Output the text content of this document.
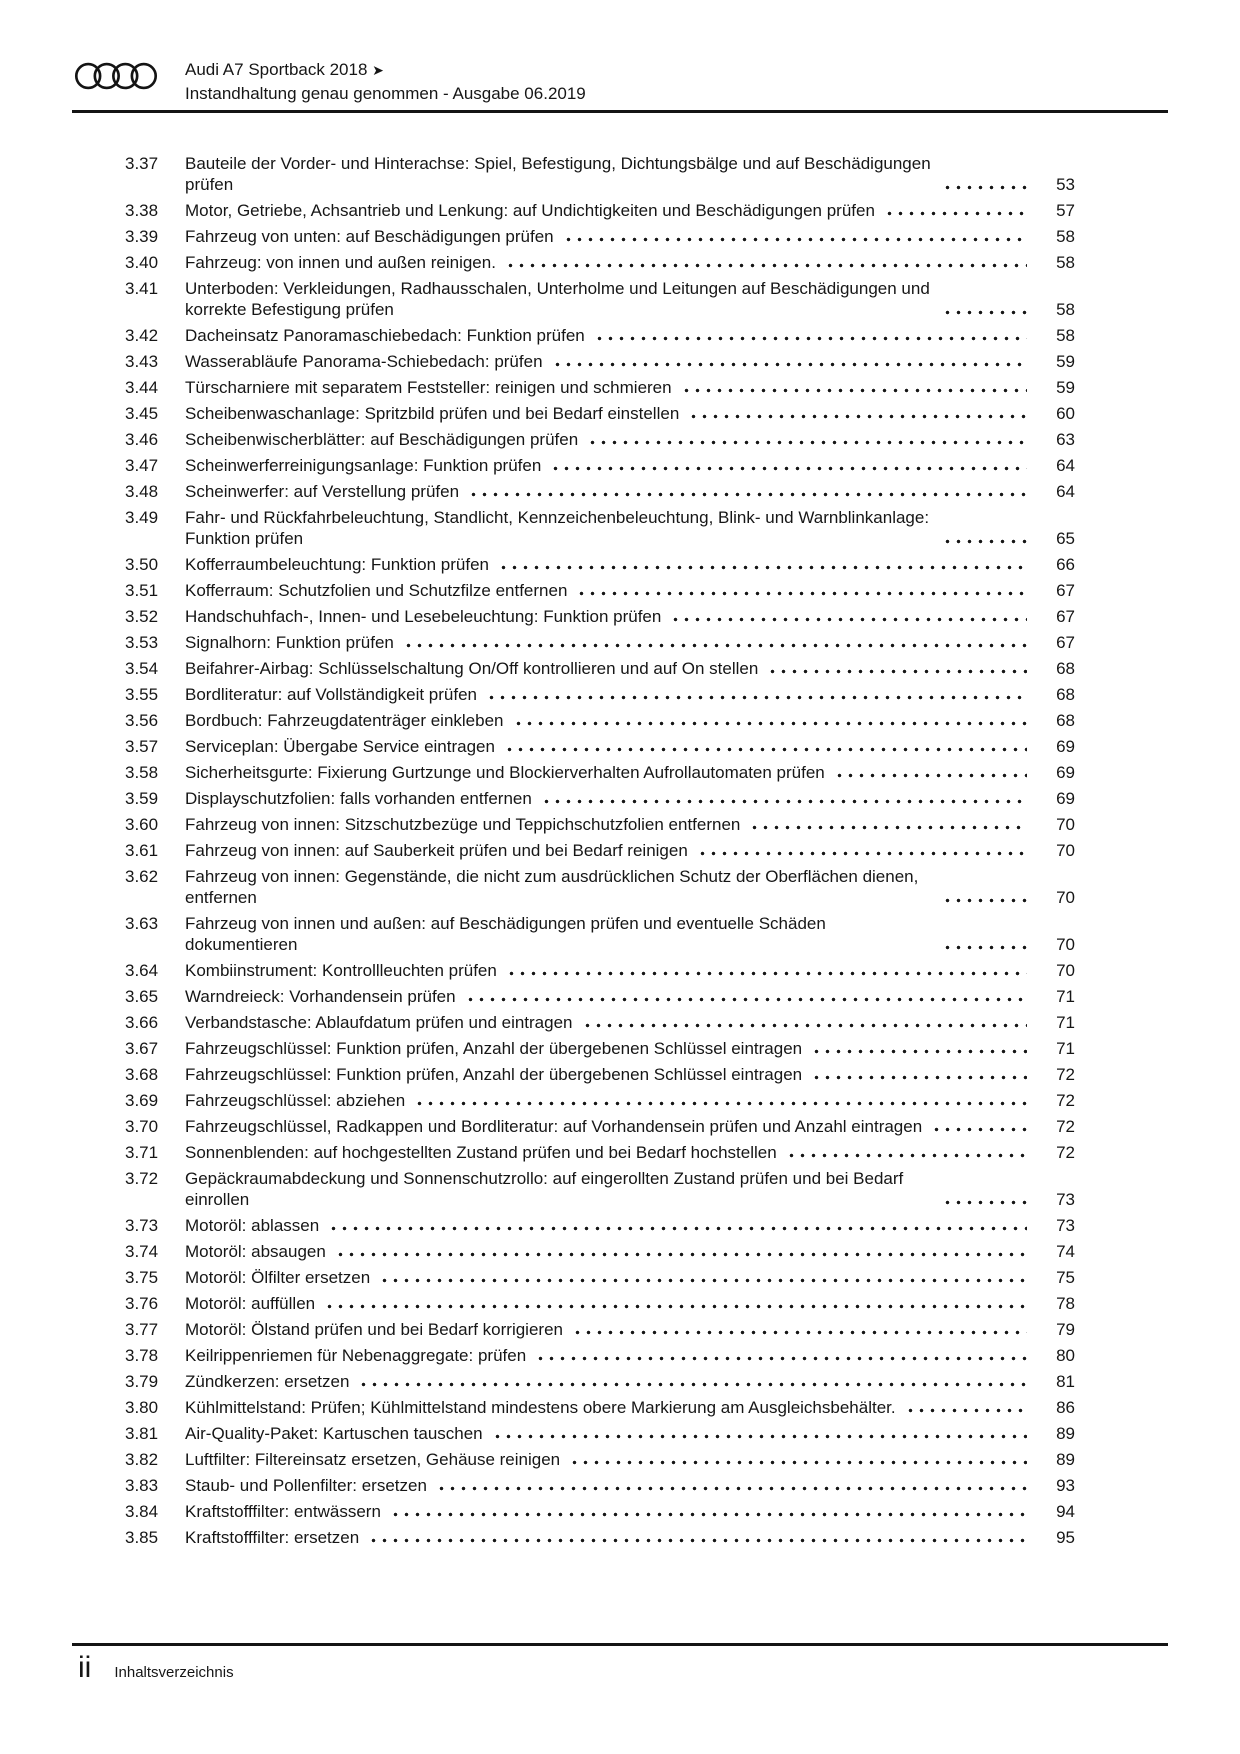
Audi A7 Sportback 2018 ➤
Instandhaltung genau genommen - Ausgabe 06.2019
3.37	Bauteile der Vorder- und Hinterachse: Spiel, Befestigung, Dichtungsbälge und auf Beschädigungen prüfen	53
3.38	Motor, Getriebe, Achsantrieb und Lenkung: auf Undichtigkeiten und Beschädigungen prüfen	57
3.39	Fahrzeug von unten: auf Beschädigungen prüfen	58
3.40	Fahrzeug: von innen und außen reinigen.	58
3.41	Unterboden: Verkleidungen, Radhausschalen, Unterholme und Leitungen auf Beschädigungen und korrekte Befestigung prüfen	58
3.42	Dacheinsatz Panoramaschiebedach: Funktion prüfen	58
3.43	Wasserabläufe Panorama-Schiebedach: prüfen	59
3.44	Türscharniere mit separatem Feststeller: reinigen und schmieren	59
3.45	Scheibenwaschanlage: Spritzbild prüfen und bei Bedarf einstellen	60
3.46	Scheibenwischerblätter: auf Beschädigungen prüfen	63
3.47	Scheinwerferreinigungsanlage: Funktion prüfen	64
3.48	Scheinwerfer: auf Verstellung prüfen	64
3.49	Fahr- und Rückfahrbeleuchtung, Standlicht, Kennzeichenbeleuchtung, Blink- und Warnblinkanlage: Funktion prüfen	65
3.50	Kofferraumbeleuchtung: Funktion prüfen	66
3.51	Kofferraum: Schutzfolien und Schutzfilze entfernen	67
3.52	Handschuhfach-, Innen- und Lesebeleuchtung: Funktion prüfen	67
3.53	Signalhorn: Funktion prüfen	67
3.54	Beifahrer-Airbag: Schlüsselschaltung On/Off kontrollieren und auf On stellen	68
3.55	Bordliteratur: auf Vollständigkeit prüfen	68
3.56	Bordbuch: Fahrzeugdatenträger einkleben	68
3.57	Serviceplan: Übergabe Service eintragen	69
3.58	Sicherheitsgurte: Fixierung Gurtzunge und Blockierverhalten Aufrollautomaten prüfen	69
3.59	Displayschutzfolien: falls vorhanden entfernen	69
3.60	Fahrzeug von innen: Sitzschutzbezüge und Teppichschutzfolien entfernen	70
3.61	Fahrzeug von innen: auf Sauberkeit prüfen und bei Bedarf reinigen	70
3.62	Fahrzeug von innen: Gegenstände, die nicht zum ausdrücklichen Schutz der Oberflächen dienen, entfernen	70
3.63	Fahrzeug von innen und außen: auf Beschädigungen prüfen und eventuelle Schäden dokumentieren	70
3.64	Kombiinstrument: Kontrollleuchten prüfen	70
3.65	Warndreieck: Vorhandensein prüfen	71
3.66	Verbandstasche: Ablaufdatum prüfen und eintragen	71
3.67	Fahrzeugschlüssel: Funktion prüfen, Anzahl der übergebenen Schlüssel eintragen	71
3.68	Fahrzeugschlüssel: Funktion prüfen, Anzahl der übergebenen Schlüssel eintragen	72
3.69	Fahrzeugschlüssel: abziehen	72
3.70	Fahrzeugschlüssel, Radkappen und Bordliteratur: auf Vorhandensein prüfen und Anzahl eintragen	72
3.71	Sonnenblenden: auf hochgestellten Zustand prüfen und bei Bedarf hochstellen	72
3.72	Gepäckraumabdeckung und Sonnenschutzrollo: auf eingerollten Zustand prüfen und bei Bedarf einrollen	73
3.73	Motoröl: ablassen	73
3.74	Motoröl: absaugen	74
3.75	Motoröl: Ölfilter ersetzen	75
3.76	Motoröl: auffüllen	78
3.77	Motoröl: Ölstand prüfen und bei Bedarf korrigieren	79
3.78	Keilrippenriemen für Nebenaggregate: prüfen	80
3.79	Zündkerzen: ersetzen	81
3.80	Kühlmittelstand: Prüfen; Kühlmittelstand mindestens obere Markierung am Ausgleichsbehälter.	86
3.81	Air-Quality-Paket: Kartuschen tauschen	89
3.82	Luftfilter: Filtereinsatz ersetzen, Gehäuse reinigen	89
3.83	Staub- und Pollenfilter: ersetzen	93
3.84	Kraftstofffilter: entwässern	94
3.85	Kraftstofffilter: ersetzen	95
ii Inhaltsverzeichnis
